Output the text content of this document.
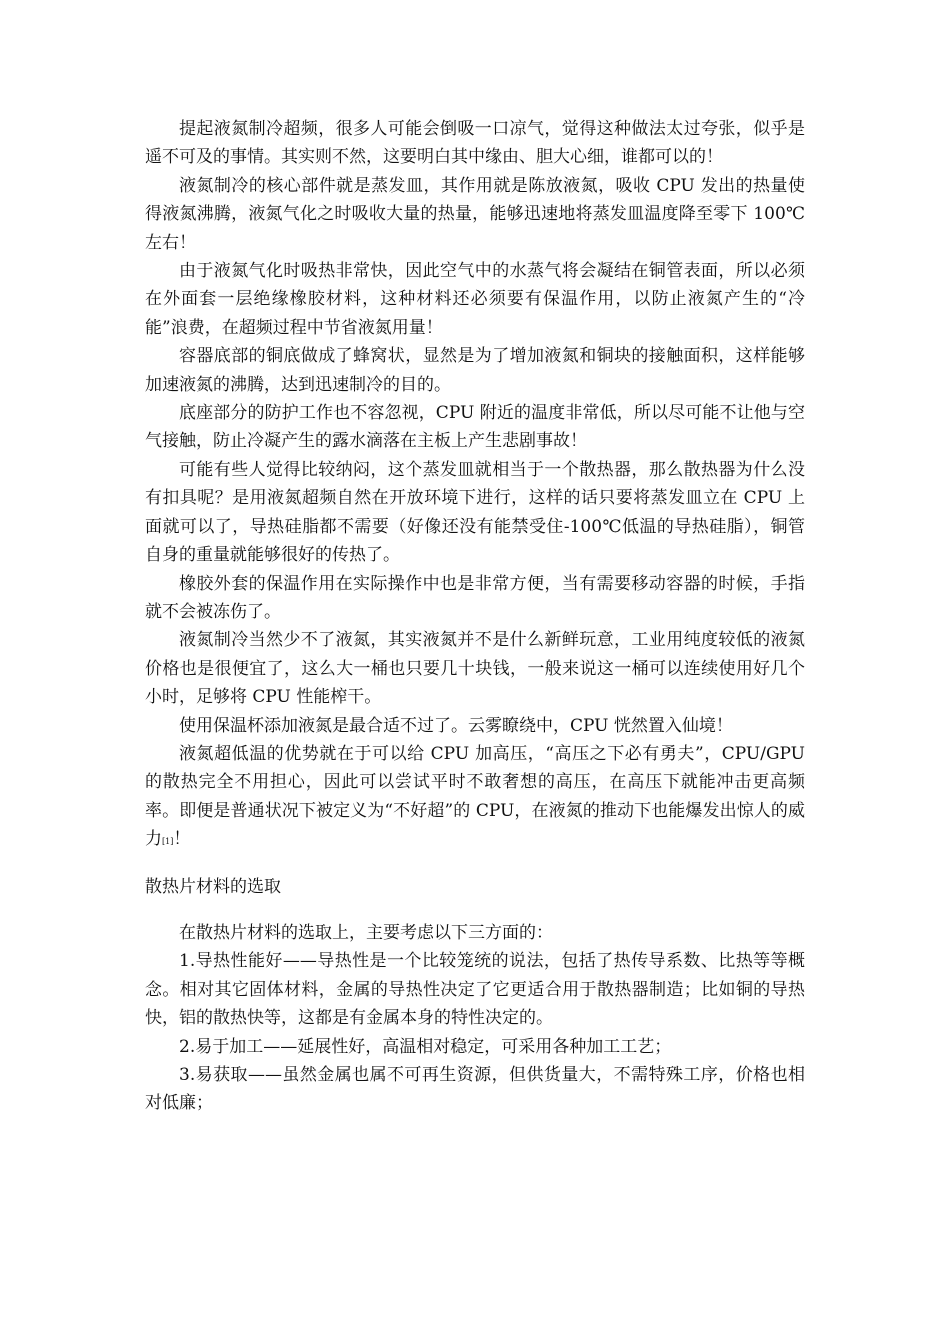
提起液氮制冷超频，很多人可能会倒吸一口凉气，觉得这种做法太过夸张，似乎是遥不可及的事情。其实则不然，这要明白其中缘由、胆大心细，谁都可以的！

液氮制冷的核心部件就是蒸发皿，其作用就是陈放液氮，吸收 CPU 发出的热量使得液氮沸腾，液氮气化之时吸收大量的热量，能够迅速地将蒸发皿温度降至零下 100℃左右！

由于液氮气化时吸热非常快，因此空气中的水蒸气将会凝结在铜管表面，所以必须在外面套一层绝缘橡胶材料，这种材料还必须要有保温作用，以防止液氮产生的“冷能”浪费，在超频过程中节省液氮用量！

容器底部的铜底做成了蜂窝状，显然是为了增加液氮和铜块的接触面积，这样能够加速液氮的沸腾，达到迅速制冷的目的。

底座部分的防护工作也不容忽视，CPU 附近的温度非常低，所以尽可能不让他与空气接触，防止冷凝产生的露水滴落在主板上产生悲剧事故！

可能有些人觉得比较纳闷，这个蒸发皿就相当于一个散热器，那么散热器为什么没有扣具呢？是用液氮超频自然在开放环境下进行，这样的话只要将蒸发皿立在 CPU 上面就可以了，导热硅脂都不需要（好像还没有能禁受住-100℃低温的导热硅脂），铜管自身的重量就能够很好的传热了。

橡胶外套的保温作用在实际操作中也是非常方便，当有需要移动容器的时候，手指就不会被冻伤了。

液氮制冷当然少不了液氮，其实液氮并不是什么新鲜玩意，工业用纯度较低的液氮价格也是很便宜了，这么大一桶也只要几十块钱，一般来说这一桶可以连续使用好几个小时，足够将 CPU 性能榨干。

使用保温杯添加液氮是最合适不过了。云雾瞭绕中，CPU 恍然置入仙境！

液氮超低温的优势就在于可以给 CPU 加高压，“高压之下必有勇夫”，CPU/GPU 的散热完全不用担心，因此可以尝试平时不敢奢想的高压，在高压下就能冲击更高频率。即便是普通状况下被定义为“不好超”的 CPU，在液氮的推动下也能爆发出惊人的威力[1]！

散热片材料的选取

在散热片材料的选取上，主要考虑以下三方面的：

1.导热性能好——导热性是一个比较笼统的说法，包括了热传导系数、比热等等概念。相对其它固体材料，金属的导热性决定了它更适合用于散热器制造；比如铜的导热快，铝的散热快等，这都是有金属本身的特性决定的。

2.易于加工——延展性好，高温相对稳定，可采用各种加工工艺；

3.易获取——虽然金属也属不可再生资源，但供货量大，不需特殊工序，价格也相对低廉；
